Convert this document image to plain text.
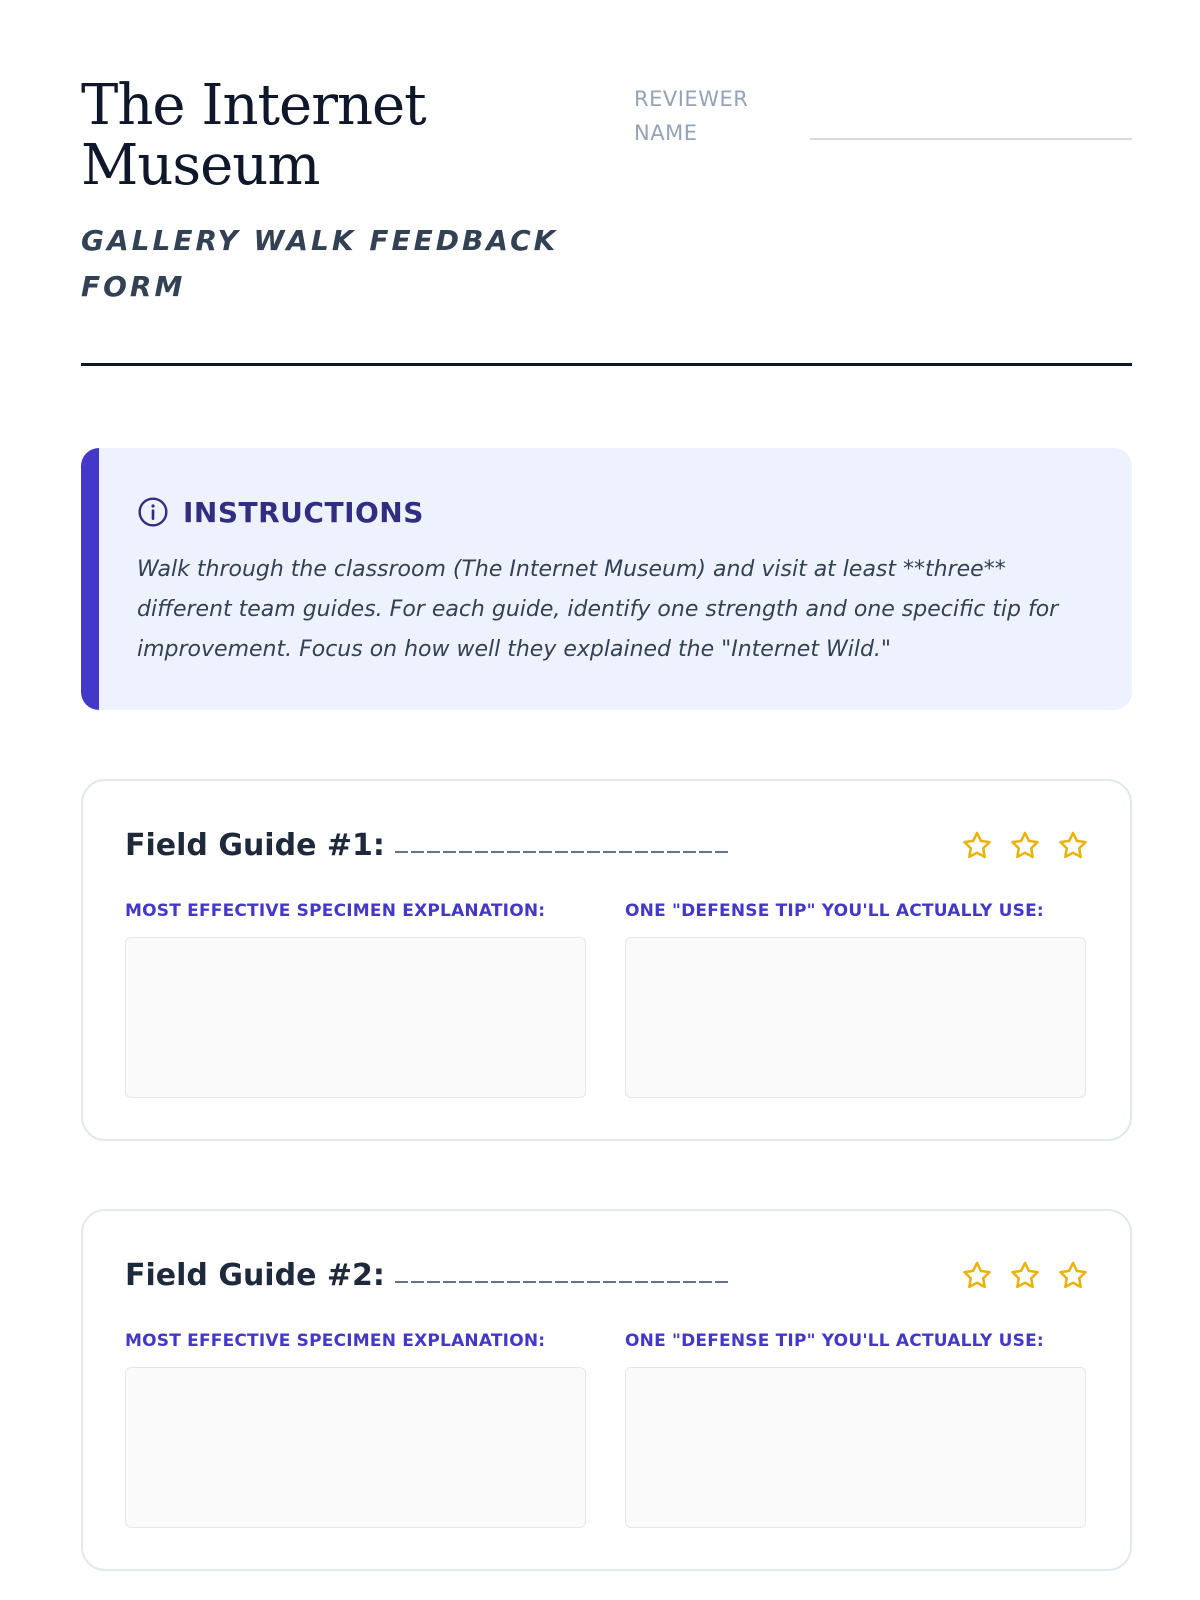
The Internet Museum
GALLERY WALK FEEDBACK FORM
REVIEWER NAME
INSTRUCTIONS

Walk through the classroom (The Internet Museum) and visit at least **three** different team guides. For each guide, identify one strength and one specific tip for improvement. Focus on how well they explained the "Internet Wild."

Field Guide #1:
MOST EFFECTIVE SPECIMEN EXPLANATION:	ONE "DEFENSE TIP" YOU'LL ACTUALLY USE:
Field Guide #2:
MOST EFFECTIVE SPECIMEN EXPLANATION:	ONE "DEFENSE TIP" YOU'LL ACTUALLY USE:
